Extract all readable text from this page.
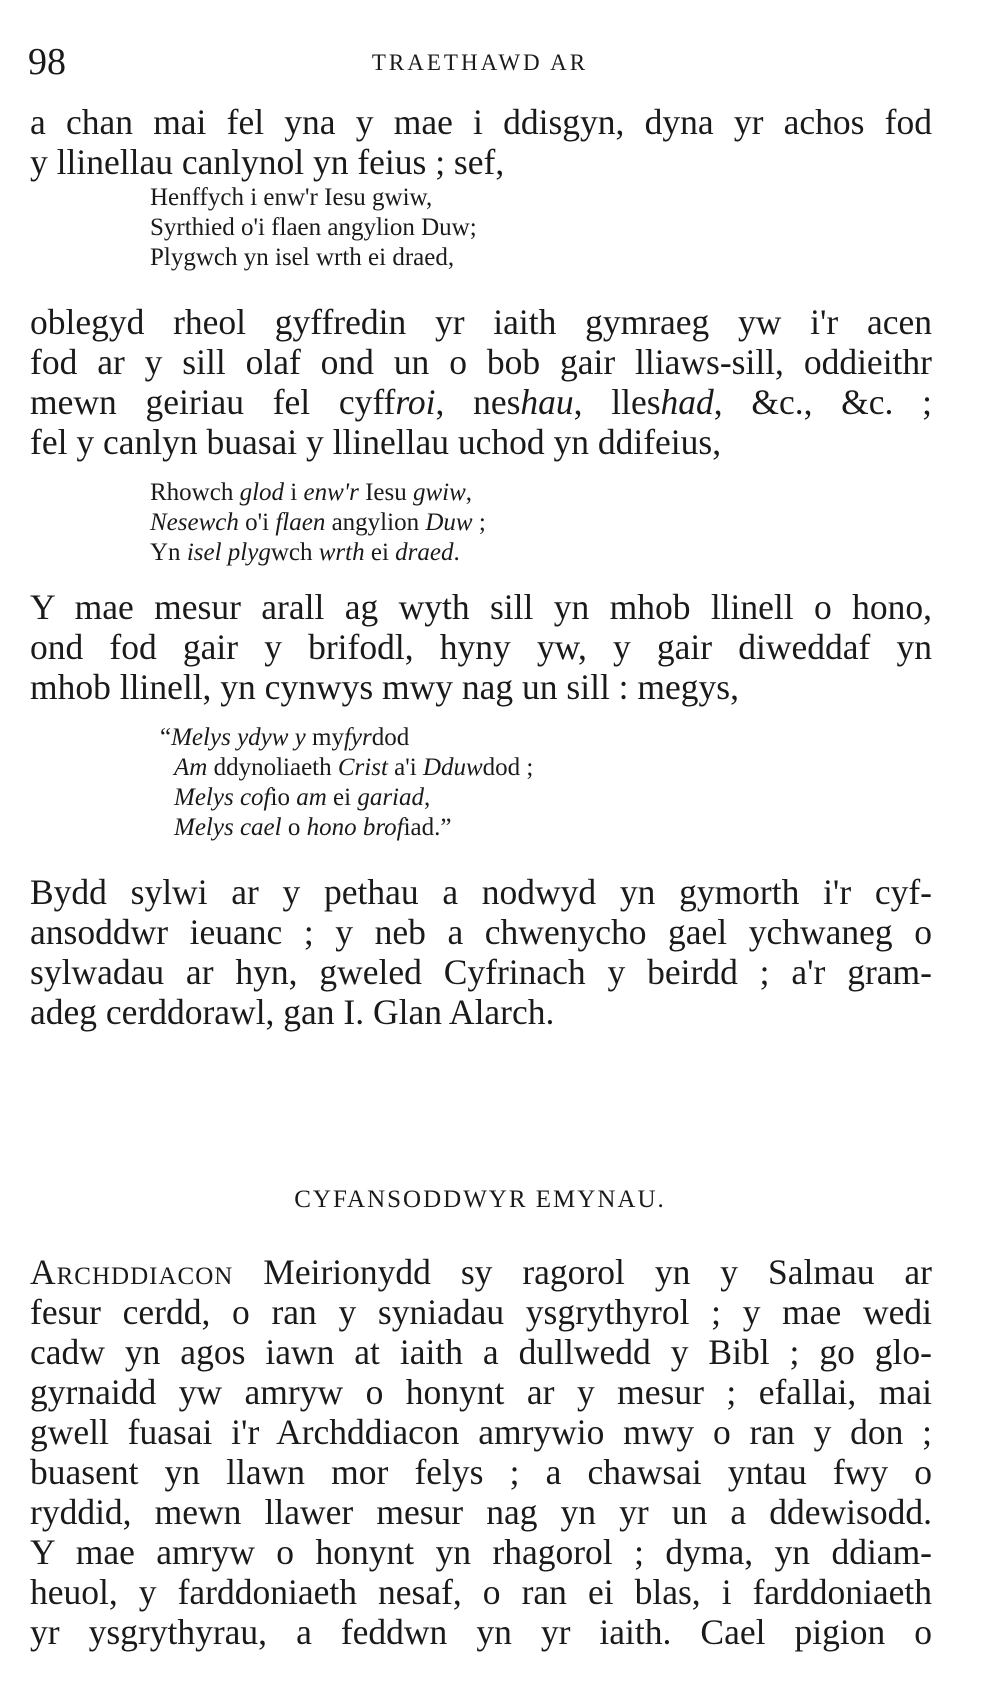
98	TRAETHAWD AR
a chan mai fel yna y mae i ddisgyn, dyna yr achos fod
y llinellau canlynol yn feius ; sef,
Henffych i enw'r Iesu gwiw,
Syrthied o'i flaen angylion Duw;
Plygwch yn isel wrth ei draed,
oblegyd rheol gyffredin yr iaith gymraeg yw i'r acen
fod ar y sill olaf ond un o bob gair lliaws-sill, oddieithr
mewn geiriau fel cyffroi, neshau, lleshad, &c., &c. ;
fel y canlyn buasai y llinellau uchod yn ddifeius,
Rhowch glod i enw'r Iesu gwiw,
Nesewch o'i flaen angylion Duw ;
Yn isel plygwch wrth ei draed.
Y mae mesur arall ag wyth sill yn mhob llinell o hono,
ond fod gair y brifodl, hyny yw, y gair diweddaf yn
mhob llinell, yn cynwys mwy nag un sill : megys,
“Melys ydyw y myfyrdod
Am ddynoliaeth Crist a'i Dduwdod ;
Melys cofio am ei gariad,
Melys cael o hono brofiad.”
Bydd sylwi ar y pethau a nodwyd yn gymorth i'r cyf-
ansoddwr ieuanc ; y neb a chwenycho gael ychwaneg o
sylwadau ar hyn, gweled Cyfrinach y beirdd ; a'r gram-
adeg cerddorawl, gan I. Glan Alarch.
CYFANSODDWYR EMYNAU.
Archddiacon Meirionydd sy ragorol yn y Salmau ar
fesur cerdd, o ran y syniadau ysgrythyrol ; y mae wedi
cadw yn agos iawn at iaith a dullwedd y Bibl ; go glo-
gyrnaidd yw amryw o honynt ar y mesur ; efallai, mai
gwell fuasai i'r Archddiacon amrywio mwy o ran y don ;
buasent yn llawn mor felys ; a chawsai yntau fwy o
ryddid, mewn llawer mesur nag yn yr un a ddewisodd.
Y mae amryw o honynt yn rhagorol ; dyma, yn ddiam-
heuol, y farddoniaeth nesaf, o ran ei blas, i farddoniaeth
yr ysgrythyrau, a feddwn yn yr iaith. Cael pigion o
